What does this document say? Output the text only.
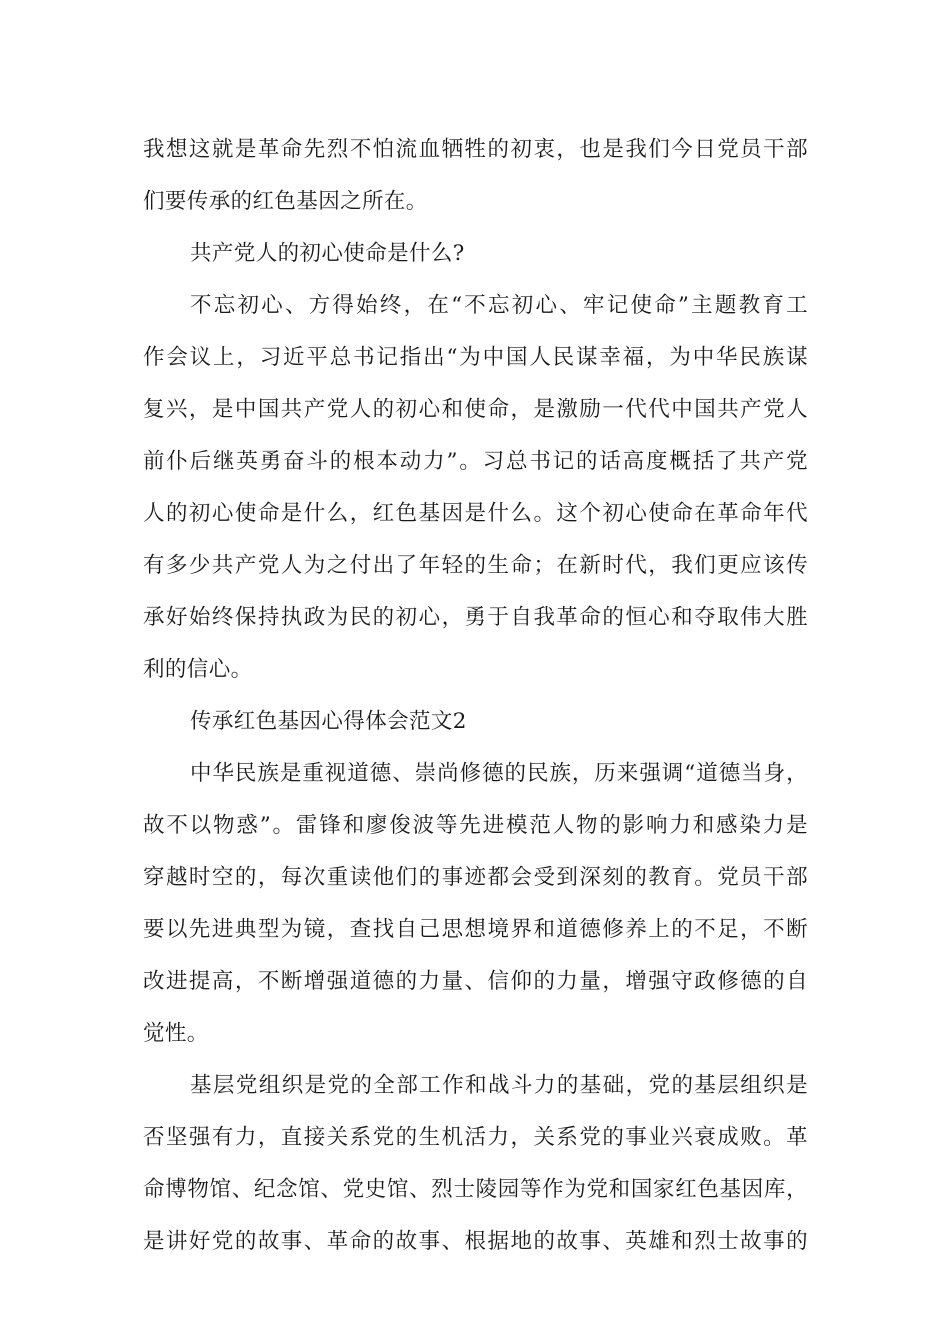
我想这就是革命先烈不怕流血牺牲的初衷，也是我们今日党员干部
们要传承的红色基因之所在。
共产党人的初心使命是什么?
不忘初心、方得始终，在“不忘初心、牢记使命”主题教育工
作会议上，习近平总书记指出“为中国人民谋幸福，为中华民族谋
复兴，是中国共产党人的初心和使命，是激励一代代中国共产党人
前仆后继英勇奋斗的根本动力”。习总书记的话高度概括了共产党
人的初心使命是什么，红色基因是什么。这个初心使命在革命年代
有多少共产党人为之付出了年轻的生命；在新时代，我们更应该传
承好始终保持执政为民的初心，勇于自我革命的恒心和夺取伟大胜
利的信心。
传承红色基因心得体会范文2
中华民族是重视道德、崇尚修德的民族，历来强调“道德当身，
故不以物惑”。雷锋和廖俊波等先进模范人物的影响力和感染力是
穿越时空的，每次重读他们的事迹都会受到深刻的教育。党员干部
要以先进典型为镜，查找自己思想境界和道德修养上的不足，不断
改进提高，不断增强道德的力量、信仰的力量，增强守政修德的自
觉性。
基层党组织是党的全部工作和战斗力的基础，党的基层组织是
否坚强有力，直接关系党的生机活力，关系党的事业兴衰成败。革
命博物馆、纪念馆、党史馆、烈士陵园等作为党和国家红色基因库，
是讲好党的故事、革命的故事、根据地的故事、英雄和烈士故事的
